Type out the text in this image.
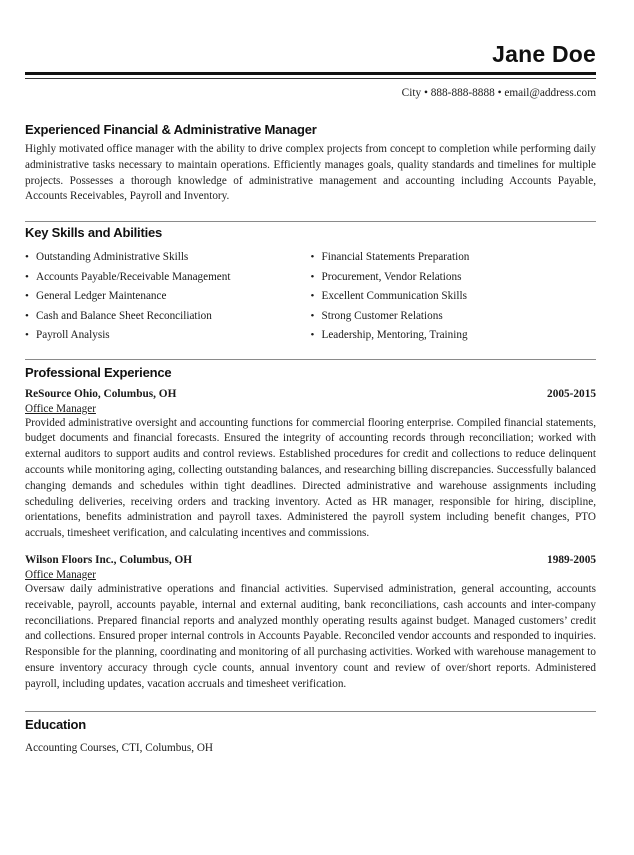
Jane Doe
City • 888-888-8888 • email@address.com
Experienced Financial & Administrative Manager

Highly motivated office manager with the ability to drive complex projects from concept to completion while performing daily administrative tasks necessary to maintain operations. Efficiently manages goals, quality standards and timelines for multiple projects. Possesses a thorough knowledge of administrative management and accounting including Accounts Payable, Accounts Receivables, Payroll and Inventory.

Key Skills and Abilities
• Outstanding Administrative Skills
• Accounts Payable/Receivable Management
• General Ledger Maintenance
• Cash and Balance Sheet Reconciliation
• Payroll Analysis
• Financial Statements Preparation
• Procurement, Vendor Relations
• Excellent Communication Skills
• Strong Customer Relations
• Leadership, Mentoring, Training
Professional Experience
ReSource Ohio, Columbus, OH	2005-2015
Office Manager

Provided administrative oversight and accounting functions for commercial flooring enterprise. Compiled financial statements, budget documents and financial forecasts. Ensured the integrity of accounting records through reconciliation; worked with external auditors to support audits and control reviews. Established procedures for credit and collections to reduce delinquent accounts while monitoring aging, collecting outstanding balances, and researching billing discrepancies. Successfully balanced changing demands and schedules within tight deadlines. Directed administrative and warehouse assignments including scheduling deliveries, receiving orders and tracking inventory. Acted as HR manager, responsible for hiring, discipline, orientations, benefits administration and payroll taxes. Administered the payroll system including benefit changes, PTO accruals, timesheet verification, and calculating incentives and commissions.

Wilson Floors Inc., Columbus, OH	1989-2005
Office Manager

Oversaw daily administrative operations and financial activities. Supervised administration, general accounting, accounts receivable, payroll, accounts payable, internal and external auditing, bank reconciliations, cash accounts and inter-company reconciliations. Prepared financial reports and analyzed monthly operating results against budget. Managed customers’ credit and collections. Ensured proper internal controls in Accounts Payable. Reconciled vendor accounts and responded to inquiries. Responsible for the planning, coordinating and monitoring of all purchasing activities. Worked with warehouse management to ensure inventory accuracy through cycle counts, annual inventory count and review of over/short reports. Administered payroll, including updates, vacation accruals and timesheet verification.

Education
Accounting Courses, CTI, Columbus, OH
